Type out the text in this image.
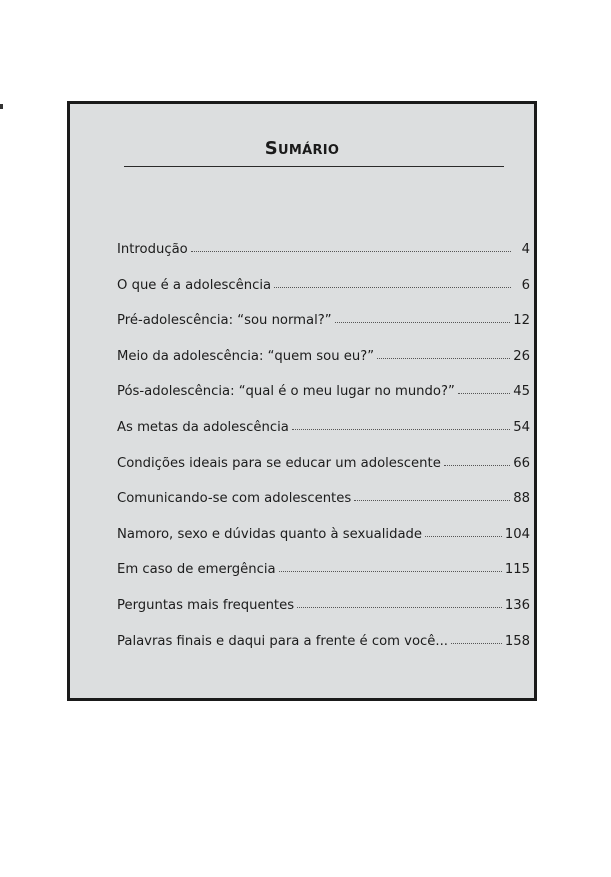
Sumário
Introdução	4
O que é a adolescência	6
Pré-adolescência: “sou normal?”	12
Meio da adolescência: “quem sou eu?”	26
Pós-adolescência: “qual é o meu lugar no mundo?”	45
As metas da adolescência	54
Condições ideais para se educar um adolescente	66
Comunicando-se com adolescentes	88
Namoro, sexo e dúvidas quanto à sexualidade	104
Em caso de emergência	115
Perguntas mais frequentes	136
Palavras finais e daqui para a frente é com você...	158
